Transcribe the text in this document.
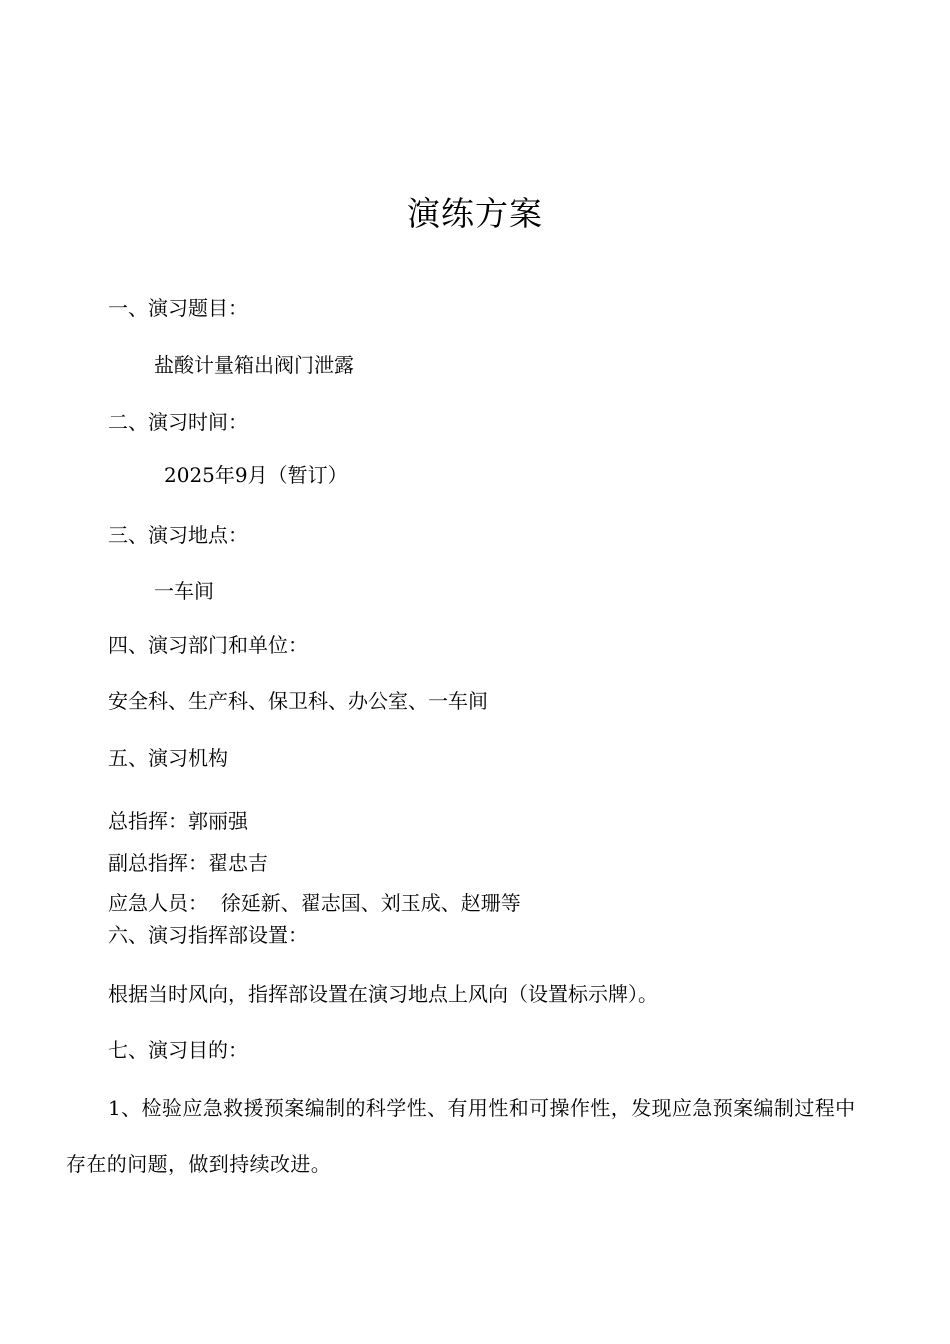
演练方案
一、演习题目：
盐酸计量箱出阀门泄露
二、演习时间：
2025年9月（暂订）
三、演习地点：
一车间
四、演习部门和单位：
安全科、生产科、保卫科、办公室、一车间
五、演习机构
总指挥：郭丽强
副总指挥：翟忠吉
应急人员：  徐延新、翟志国、刘玉成、赵珊等
六、演习指挥部设置：
根据当时风向，指挥部设置在演习地点上风向（设置标示牌）。
七、演习目的：
1、检验应急救援预案编制的科学性、有用性和可操作性，发现应急预案编制过程中存在的问题，做到持续改进。
